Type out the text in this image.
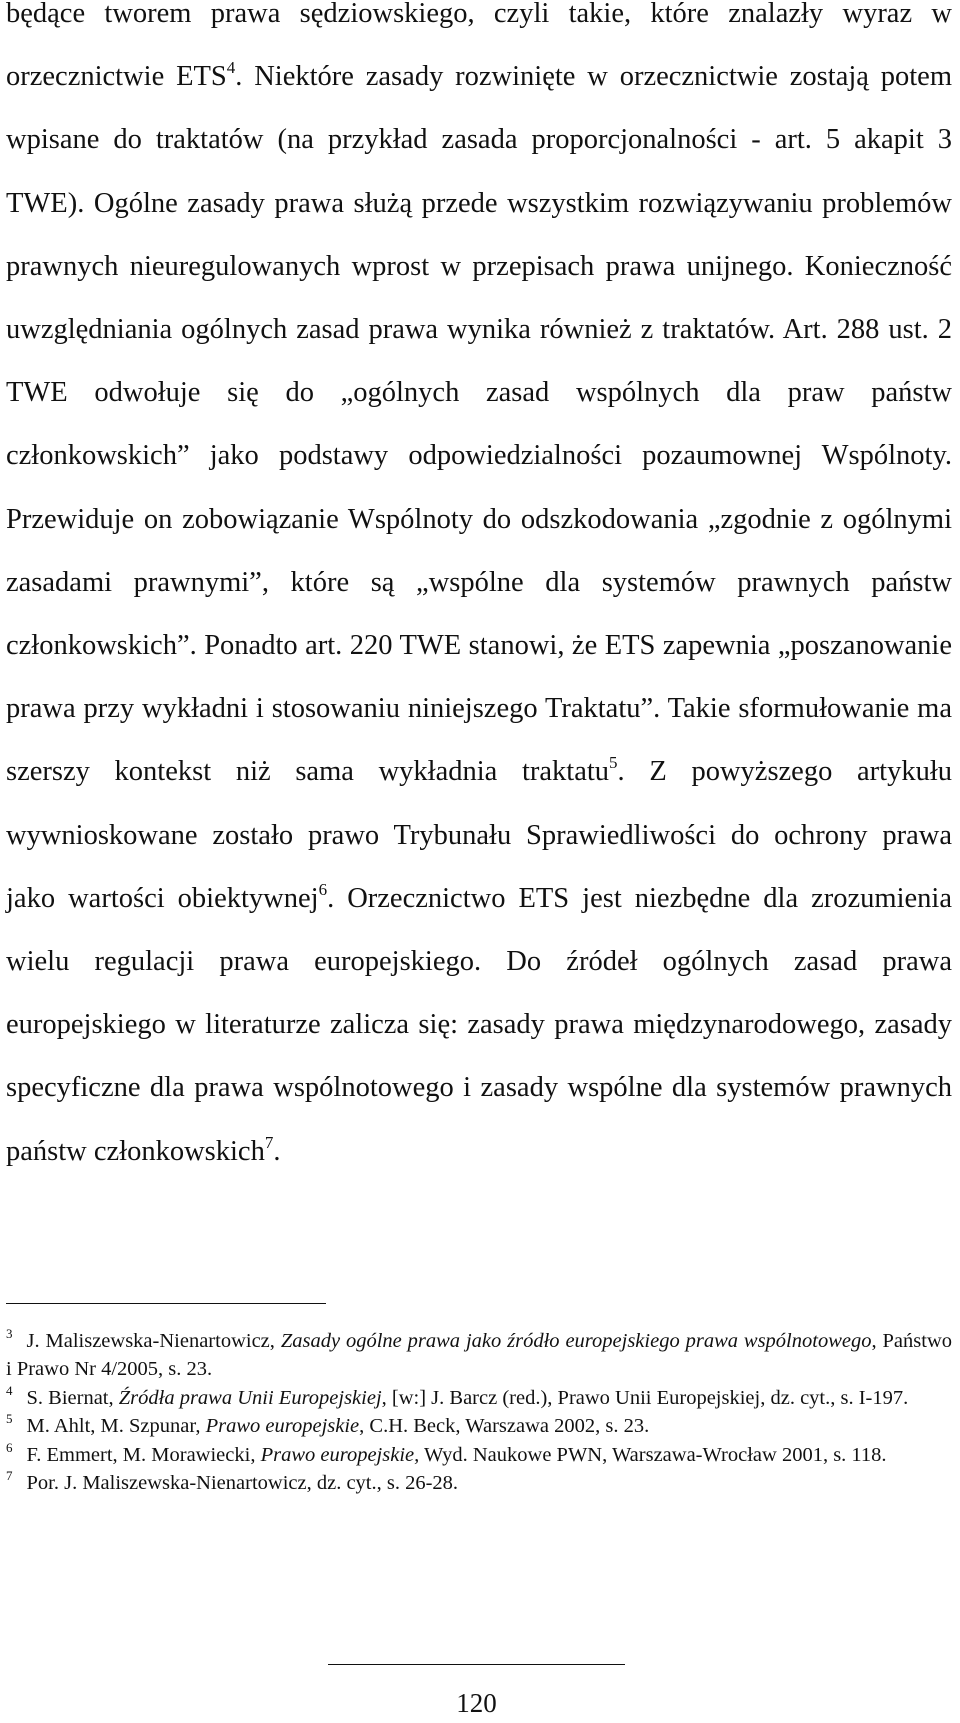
będące tworem prawa sędziowskiego, czyli takie, które znalazły wyraz w orzecznictwie ETS$^4$. Niektóre zasady rozwinięte w orzecznictwie zostają potem wpisane do traktatów (na przykład zasada proporcjonalności - art. 5 akapit 3 TWE). Ogólne zasady prawa służą przede wszystkim rozwiązywaniu problemów prawnych nieuregulowanych wprost w przepisach prawa unijnego. Konieczność uwzględniania ogólnych zasad prawa wynika również z traktatów. Art. 288 ust. 2 TWE odwołuje się do „ogólnych zasad wspólnych dla praw państw członkowskich” jako podstawy odpowiedzialności pozaumownej Wspólnoty. Przewiduje on zobowiązanie Wspólnoty do odszkodowania „zgodnie z ogólnymi zasadami prawnymi”, które są „wspólne dla systemów prawnych państw członkowskich”. Ponadto art. 220 TWE stanowi, że ETS zapewnia „poszanowanie prawa przy wykładni i stosowaniu niniejszego Traktatu”. Takie sformułowanie ma szerszy kontekst niż sama wykładnia traktatu$^5$. Z powyższego artykułu wywnioskowane zostało prawo Trybunału Sprawiedliwości do ochrony prawa jako wartości obiektywnej$^6$. Orzecznictwo ETS jest niezbędne dla zrozumienia wielu regulacji prawa europejskiego. Do źródeł ogólnych zasad prawa europejskiego w literaturze zalicza się: zasady prawa międzynarodowego, zasady specyficzne dla prawa wspólnotowego i zasady wspólne dla systemów prawnych państw członkowskich$^7$.

$^3$ J. Maliszewska-Nienartowicz, Zasady ogólne prawa jako źródło europejskiego prawa wspólnotowego, Państwo i Prawo Nr 4/2005, s. 23.

$^4$ S. Biernat, Źródła prawa Unii Europejskiej, [w:] J. Barcz (red.), Prawo Unii Europejskiej, dz. cyt., s. I-197.

$^5$ M. Ahlt, M. Szpunar, Prawo europejskie, C.H. Beck, Warszawa 2002, s. 23.

$^6$ F. Emmert, M. Morawiecki, Prawo europejskie, Wyd. Naukowe PWN, Warszawa-Wrocław 2001, s. 118.

$^7$ Por. J. Maliszewska-Nienartowicz, dz. cyt., s. 26-28.

120
